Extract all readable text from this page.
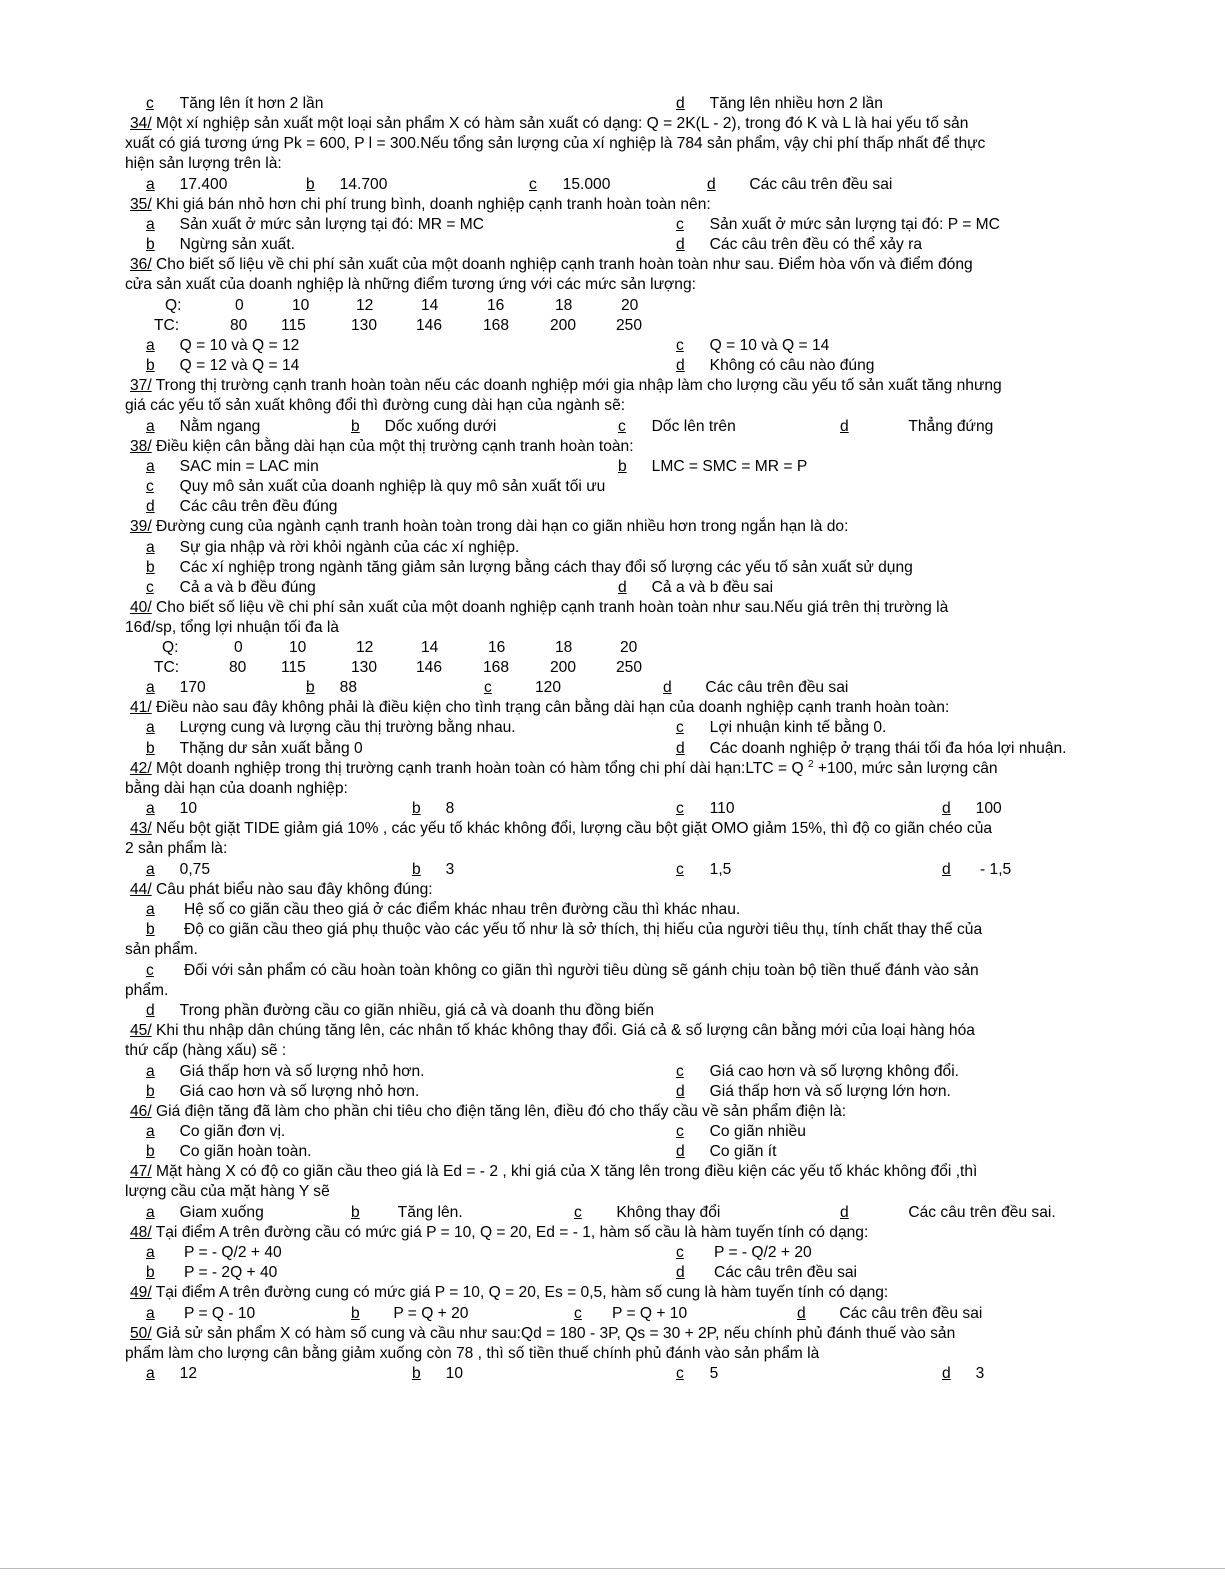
c Tăng lên ít hơn 2 lần	d Tăng lên nhiều hơn 2 lần
34/ Một xí nghiệp sản xuất một loại sản phẩm X có hàm sản xuất có dạng: Q = 2K(L - 2), trong đó K và L là hai yếu tố sản
xuất có giá tương ứng Pk = 600, P l = 300.Nếu tổng sản lượng của xí nghiệp là 784 sản phẩm, vậy chi phí thấp nhất để thực
hiện sản lượng trên là:
a 17.400	b 14.700	c 15.000	d Các câu trên đều sai
35/ Khi giá bán nhỏ hơn chi phí trung bình, doanh nghiệp cạnh tranh hoàn toàn nên:
a Sản xuất ở mức sản lượng tại đó: MR = MC	c Sản xuất ở mức sản lượng tại đó: P = MC
b Ngừng sản xuất.	d Các câu trên đều có thể xảy ra
36/ Cho biết số liệu về chi phí sản xuất của một doanh nghiệp cạnh tranh hoàn toàn như sau. Điểm hòa vốn và điểm đóng
cửa sản xuất của doanh nghiệp là những điểm tương ứng với các mức sản lượng:
Q:	0	10	12	14	16	18	20
TC:	80 115	130 146	168	200	250
a Q = 10 và Q = 12	c Q = 10 và Q = 14
b Q = 12 và Q = 14	d Không có câu nào đúng
37/ Trong thị trường cạnh tranh hoàn toàn nếu các doanh nghiệp mới gia nhập làm cho lượng cầu yếu tố sản xuất tăng nhưng
giá các yếu tố sản xuất không đổi thì đường cung dài hạn của ngành sẽ:
a Nằm ngang	b Dốc xuống dưới	c Dốc lên trên	d	Thẳng đứng
38/ Điều kiện cân bằng dài hạn của một thị trường cạnh tranh hoàn toàn:
a SAC min = LAC min	b LMC = SMC = MR = P
c Quy mô sản xuất của doanh nghiệp là quy mô sản xuất tối ưu
d Các câu trên đều đúng
39/ Đường cung của ngành cạnh tranh hoàn toàn trong dài hạn co giãn nhiều hơn trong ngắn hạn là do:
a Sự gia nhập và rời khỏi ngành của các xí nghiệp.
b Các xí nghiệp trong ngành tăng giảm sản lượng bằng cách thay đổi số lượng các yếu tố sản xuất sử dụng
c Cả a và b đều đúng	d Cả a và b đều sai
40/ Cho biết số liệu về chi phí sản xuất của một doanh nghiệp cạnh tranh hoàn toàn như sau.Nếu giá trên thị trường là
16đ/sp, tổng lợi nhuận tối đa là
Q:	0	10	12	14	16	18	20
TC:	80 115	130 146	168	200	250
a 170	b 88	c	120	d Các câu trên đều sai
41/ Điều nào sau đây không phải là điều kiện cho tình trạng cân bằng dài hạn của doanh nghiệp cạnh tranh hoàn toàn:
a Lượng cung và lượng cầu thị trường bằng nhau.	c Lợi nhuận kinh tế bằng 0.
b Thặng dư sản xuất bằng 0	d Các doanh nghiệp ở trạng thái tối đa hóa lợi nhuận.
42/ Một doanh nghiệp trong thị trường cạnh tranh hoàn toàn có hàm tổng chi phí dài hạn:LTC = Q $^2$ +100, mức sản lượng cân
bằng dài hạn của doanh nghiệp:
a 10	b 8	c 110	d 100
43/ Nếu bột giặt TIDE giảm giá 10% , các yếu tố khác không đổi, lượng cầu bột giặt OMO giảm 15%, thì độ co giãn chéo của
2 sản phẩm là:
a 0,75	b 3	c 1,5	d - 1,5
44/ Câu phát biểu nào sau đây không đúng:
a Hệ số co giãn cầu theo giá ở các điểm khác nhau trên đường cầu thì khác nhau.
b Độ co giãn cầu theo giá phụ thuộc vào các yếu tố như là sở thích, thị hiếu của người tiêu thụ, tính chất thay thế của
sản phẩm.
c Đối với sản phẩm có cầu hoàn toàn không co giãn thì người tiêu dùng sẽ gánh chịu toàn bộ tiền thuế đánh vào sản
phẩm.
d Trong phần đường cầu co giãn nhiều, giá cả và doanh thu đồng biến
45/ Khi thu nhập dân chúng tăng lên, các nhân tố khác không thay đổi. Giá cả & số lượng cân bằng mới của loại hàng hóa
thứ cấp (hàng xấu) sẽ :
a Giá thấp hơn và số lượng nhỏ hơn.	c Giá cao hơn và số lượng không đổi.
b Giá cao hơn và số lượng nhỏ hơn.	d Giá thấp hơn và số lượng lớn hơn.
46/ Giá điện tăng đã làm cho phần chi tiêu cho điện tăng lên, điều đó cho thấy cầu về sản phẩm điện là:
a Co giãn đơn vị.	c Co giãn nhiều
b Co giãn hoàn toàn.	d Co giãn ít
47/ Mặt hàng X có độ co giãn cầu theo giá là Ed = - 2 , khi giá của X tăng lên trong điều kiện các yếu tố khác không đổi ,thì
lượng cầu của mặt hàng Y sẽ
a Giam xuống	b Tăng lên.	c Không thay đổi	d	Các câu trên đều sai.
48/ Tại điểm A trên đường cầu có mức giá P = 10, Q = 20, Ed = - 1, hàm số cầu là hàm tuyến tính có dạng:
a P = - Q/2 + 40	c P = - Q/2 + 20
b P = - 2Q + 40	d Các câu trên đều sai
49/ Tại điểm A trên đường cung có mức giá P = 10, Q = 20, Es = 0,5, hàm số cung là hàm tuyến tính có dạng:
a P = Q - 10	b P = Q + 20	c P = Q + 10	d Các câu trên đều sai
50/ Giả sử sản phẩm X có hàm số cung và cầu như sau:Qd = 180 - 3P, Qs = 30 + 2P, nếu chính phủ đánh thuế vào sản
phẩm làm cho lượng cân bằng giảm xuống còn 78 , thì số tiền thuế chính phủ đánh vào sản phẩm là
a 12	b 10	c 5	d 3
